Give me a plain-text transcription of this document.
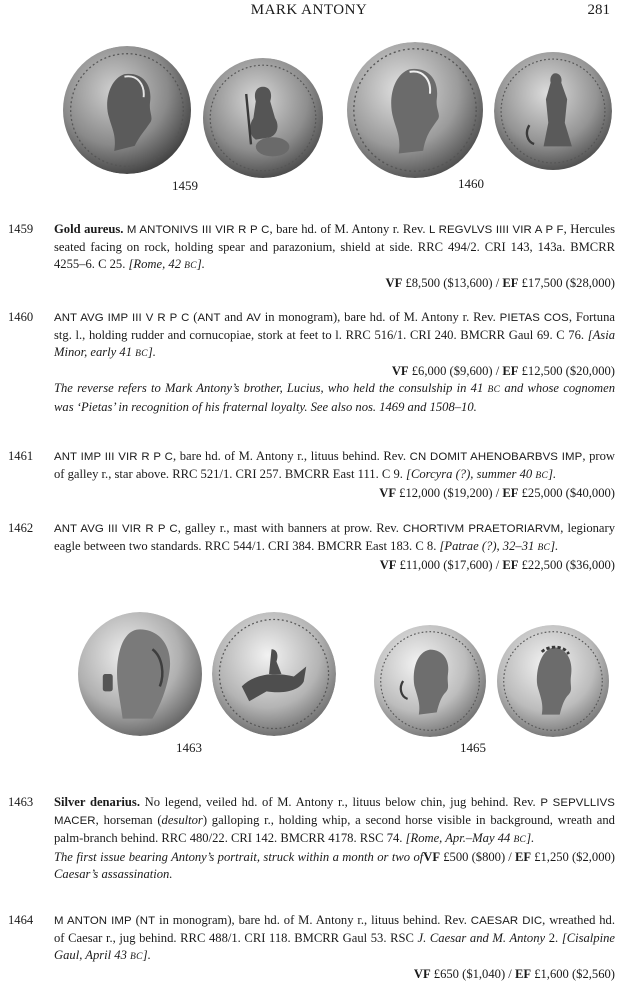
MARK ANTONY	281
1459	1460
1459	Gold aureus. M ANTONIVS III VIR R P C, bare hd. of M. Antony r. Rev. L REGVLVS IIII VIR A P F, Hercules seated facing on rock, holding spear and parazonium, shield at side. RRC 494/2. CRI 143, 143a. BMCRR 4255–6. C 25. [Rome, 42 BC].

VF £8,500 ($13,600) / EF £17,500 ($28,000)
1460	ANT AVG IMP III V R P C (ANT and AV in monogram), bare hd. of M. Antony r. Rev. PIETAS COS, Fortuna stg. l., holding rudder and cornucopiae, stork at feet to l. RRC 516/1. CRI 240. BMCRR Gaul 69. C 76. [Asia Minor, early 41 BC].

VF £6,000 ($9,600) / EF £12,500 ($20,000)

The reverse refers to Mark Antony’s brother, Lucius, who held the consulship in 41 BC and whose cognomen was ‘Pietas’ in recognition of his fraternal loyalty. See also nos. 1469 and 1508–10.

1461	ANT IMP III VIR R P C, bare hd. of M. Antony r., lituus behind. Rev. CN DOMIT AHENOBARBVS IMP, prow of galley r., star above. RRC 521/1. CRI 257. BMCRR East 111. C 9. [Corcyra (?), summer 40 BC].
VF £12,000 ($19,200) / EF £25,000 ($40,000)

1462	ANT AVG III VIR R P C, galley r., mast with banners at prow. Rev. CHORTIVM PRAETORIARVM, legionary eagle between two standards. RRC 544/1. CRI 384. BMCRR East 183. C 8. [Patrae (?), 32–31 BC].
VF £11,000 ($17,600) / EF £22,500 ($36,000)

1463	1465
1463	Silver denarius. No legend, veiled hd. of M. Antony r., lituus below chin, jug behind. Rev. P SEPVLLIVS MACER, horseman (desultor) galloping r., holding whip, a second horse visible in background, wreath and palm-branch behind. RRC 480/22. CRI 142. BMCRR 4178. RSC 74. [Rome, Apr.–May 44 BC].
VF £500 ($800) / EF £1,250 ($2,000)

The first issue bearing Antony’s portrait, struck within a month or two of Caesar’s assassination.

1464	M ANTON IMP (NT in monogram), bare hd. of M. Antony r., lituus behind. Rev. CAESAR DIC, wreathed hd. of Caesar r., jug behind. RRC 488/1. CRI 118. BMCRR Gaul 53. RSC J. Caesar and M. Antony 2. [Cisalpine Gaul, April 43 BC].

VF £650 ($1,040) / EF £1,600 ($2,560)
